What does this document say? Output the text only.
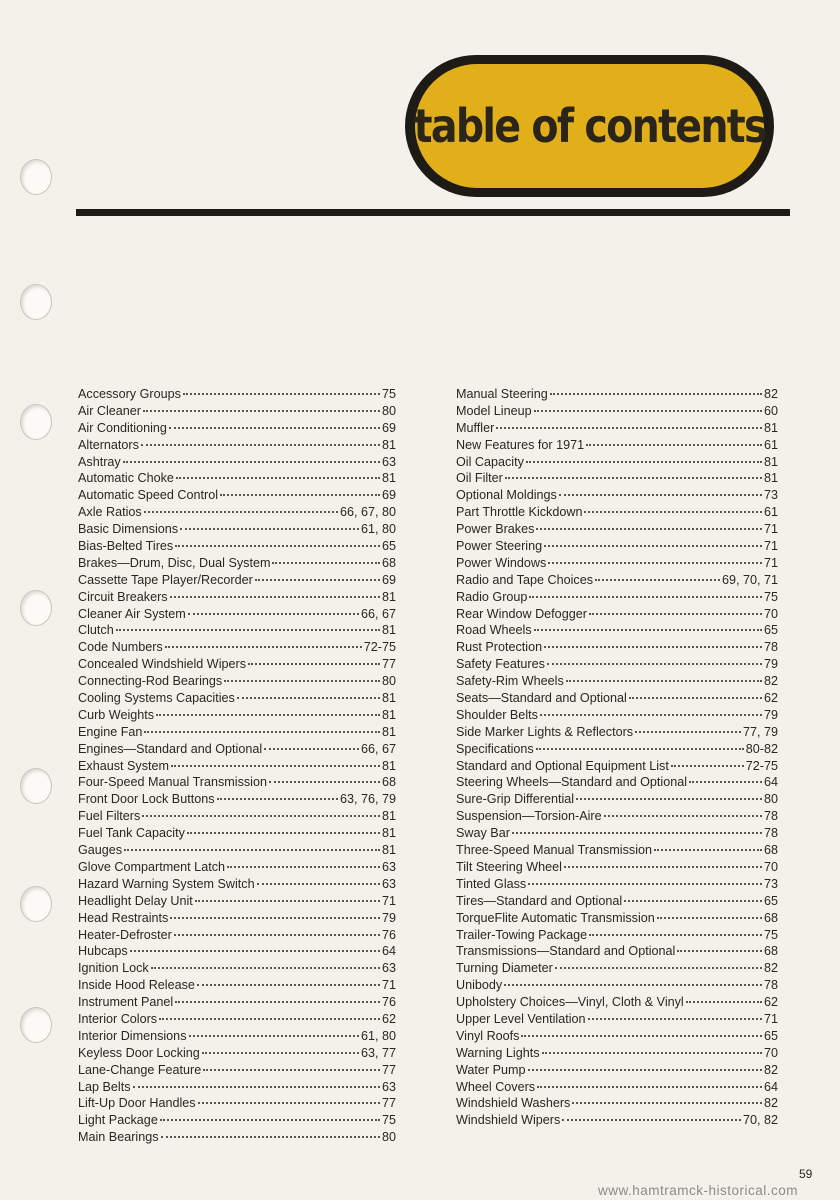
table of contents
Accessory Groups	75
Air Cleaner	80
Air Conditioning	69
Alternators	81
Ashtray	63
Automatic Choke	81
Automatic Speed Control	69
Axle Ratios	66, 67, 80
Basic Dimensions	61, 80
Bias-Belted Tires	65
Brakes—Drum, Disc, Dual System	68
Cassette Tape Player/Recorder	69
Circuit Breakers	81
Cleaner Air System	66, 67
Clutch	81
Code Numbers	72-75
Concealed Windshield Wipers	77
Connecting-Rod Bearings	80
Cooling Systems Capacities	81
Curb Weights	81
Engine Fan	81
Engines—Standard and Optional	66, 67
Exhaust System	81
Four-Speed Manual Transmission	68
Front Door Lock Buttons	63, 76, 79
Fuel Filters	81
Fuel Tank Capacity	81
Gauges	81
Glove Compartment Latch	63
Hazard Warning System Switch	63
Headlight Delay Unit	71
Head Restraints	79
Heater-Defroster	76
Hubcaps	64
Ignition Lock	63
Inside Hood Release	71
Instrument Panel	76
Interior Colors	62
Interior Dimensions	61, 80
Keyless Door Locking	63, 77
Lane-Change Feature	77
Lap Belts	63
Lift-Up Door Handles	77
Light Package	75
Main Bearings	80
Manual Steering	82
Model Lineup	60
Muffler	81
New Features for 1971	61
Oil Capacity	81
Oil Filter	81
Optional Moldings	73
Part Throttle Kickdown	61
Power Brakes	71
Power Steering	71
Power Windows	71
Radio and Tape Choices	69, 70, 71
Radio Group	75
Rear Window Defogger	70
Road Wheels	65
Rust Protection	78
Safety Features	79
Safety-Rim Wheels	82
Seats—Standard and Optional	62
Shoulder Belts	79
Side Marker Lights & Reflectors	77, 79
Specifications	80-82
Standard and Optional Equipment List	72-75
Steering Wheels—Standard and Optional	64
Sure-Grip Differential	80
Suspension—Torsion-Aire	78
Sway Bar	78
Three-Speed Manual Transmission	68
Tilt Steering Wheel	70
Tinted Glass	73
Tires—Standard and Optional	65
TorqueFlite Automatic Transmission	68
Trailer-Towing Package	75
Transmissions—Standard and Optional	68
Turning Diameter	82
Unibody	78
Upholstery Choices—Vinyl, Cloth & Vinyl	62
Upper Level Ventilation	71
Vinyl Roofs	65
Warning Lights	70
Water Pump	82
Wheel Covers	64
Windshield Washers	82
Windshield Wipers	70, 82
59
www.hamtramck-historical.com
